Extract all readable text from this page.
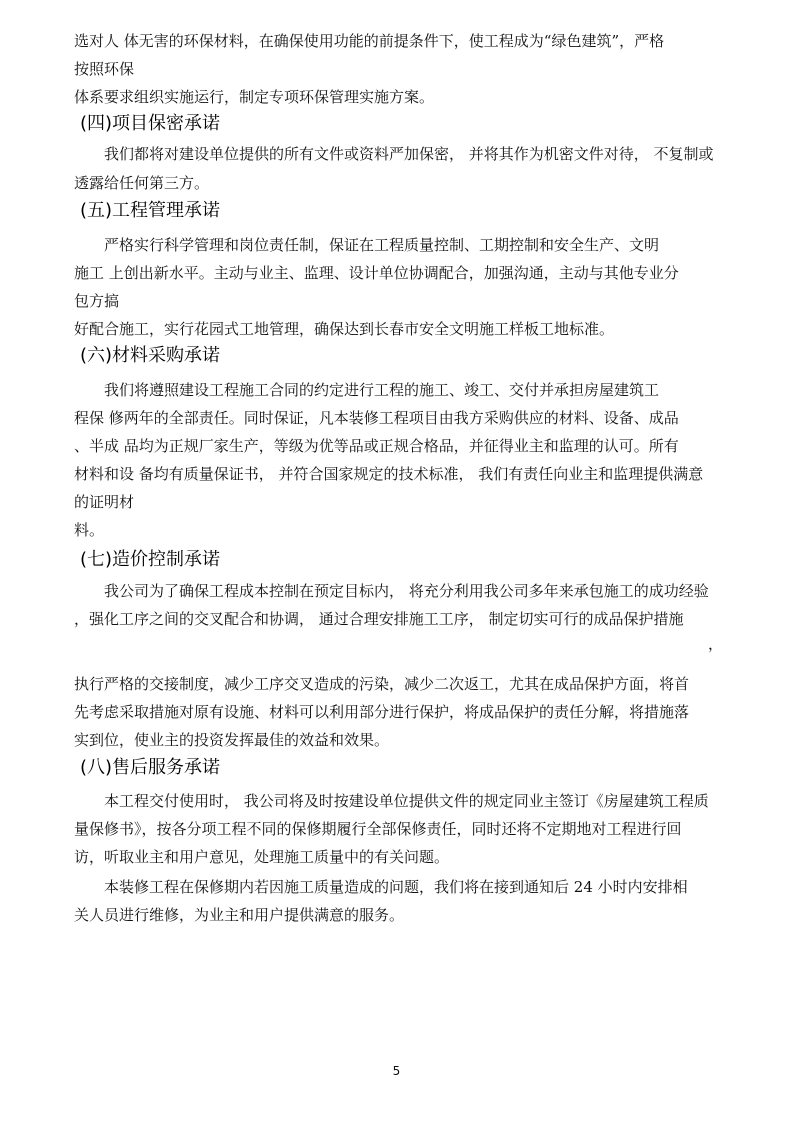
选对人 体无害的环保材料，在确保使用功能的前提条件下，使工程成为“绿色建筑”，严格
按照环保
体系要求组织实施运行，制定专项环保管理实施方案。
(四)项目保密承诺
我们都将对建设单位提供的所有文件或资料严加保密， 并将其作为机密文件对待， 不复制或
透露给任何第三方。
(五)工程管理承诺
严格实行科学管理和岗位责任制，保证在工程质量控制、工期控制和安全生产、文明
施工 上创出新水平。主动与业主、监理、设计单位协调配合，加强沟通，主动与其他专业分
包方搞
好配合施工，实行花园式工地管理，确保达到长春市安全文明施工样板工地标准。
(六)材料采购承诺
我们将遵照建设工程施工合同的约定进行工程的施工、竣工、交付并承担房屋建筑工
程保 修两年的全部责任。同时保证，凡本装修工程项目由我方采购供应的材料、设备、成品
、半成 品均为正规厂家生产，等级为优等品或正规合格品，并征得业主和监理的认可。所有
材料和设 备均有质量保证书， 并符合国家规定的技术标准， 我们有责任向业主和监理提供满意
的证明材
料。
(七)造价控制承诺
我公司为了确保工程成本控制在预定目标内， 将充分利用我公司多年来承包施工的成功经验
，强化工序之间的交叉配合和协调， 通过合理安排施工工序， 制定切实可行的成品保护措施
，
执行严格的交接制度，减少工序交叉造成的污染，减少二次返工，尤其在成品保护方面，将首
先考虑采取措施对原有设施、材料可以利用部分进行保护，将成品保护的责任分解，将措施落
实到位，使业主的投资发挥最佳的效益和效果。
(八)售后服务承诺
本工程交付使用时， 我公司将及时按建设单位提供文件的规定同业主签订《房屋建筑工程质
量保修书》，按各分项工程不同的保修期履行全部保修责任，同时还将不定期地对工程进行回
访，听取业主和用户意见，处理施工质量中的有关问题。
本装修工程在保修期内若因施工质量造成的问题，我们将在接到通知后 24 小时内安排相
关人员进行维修，为业主和用户提供满意的服务。
5
